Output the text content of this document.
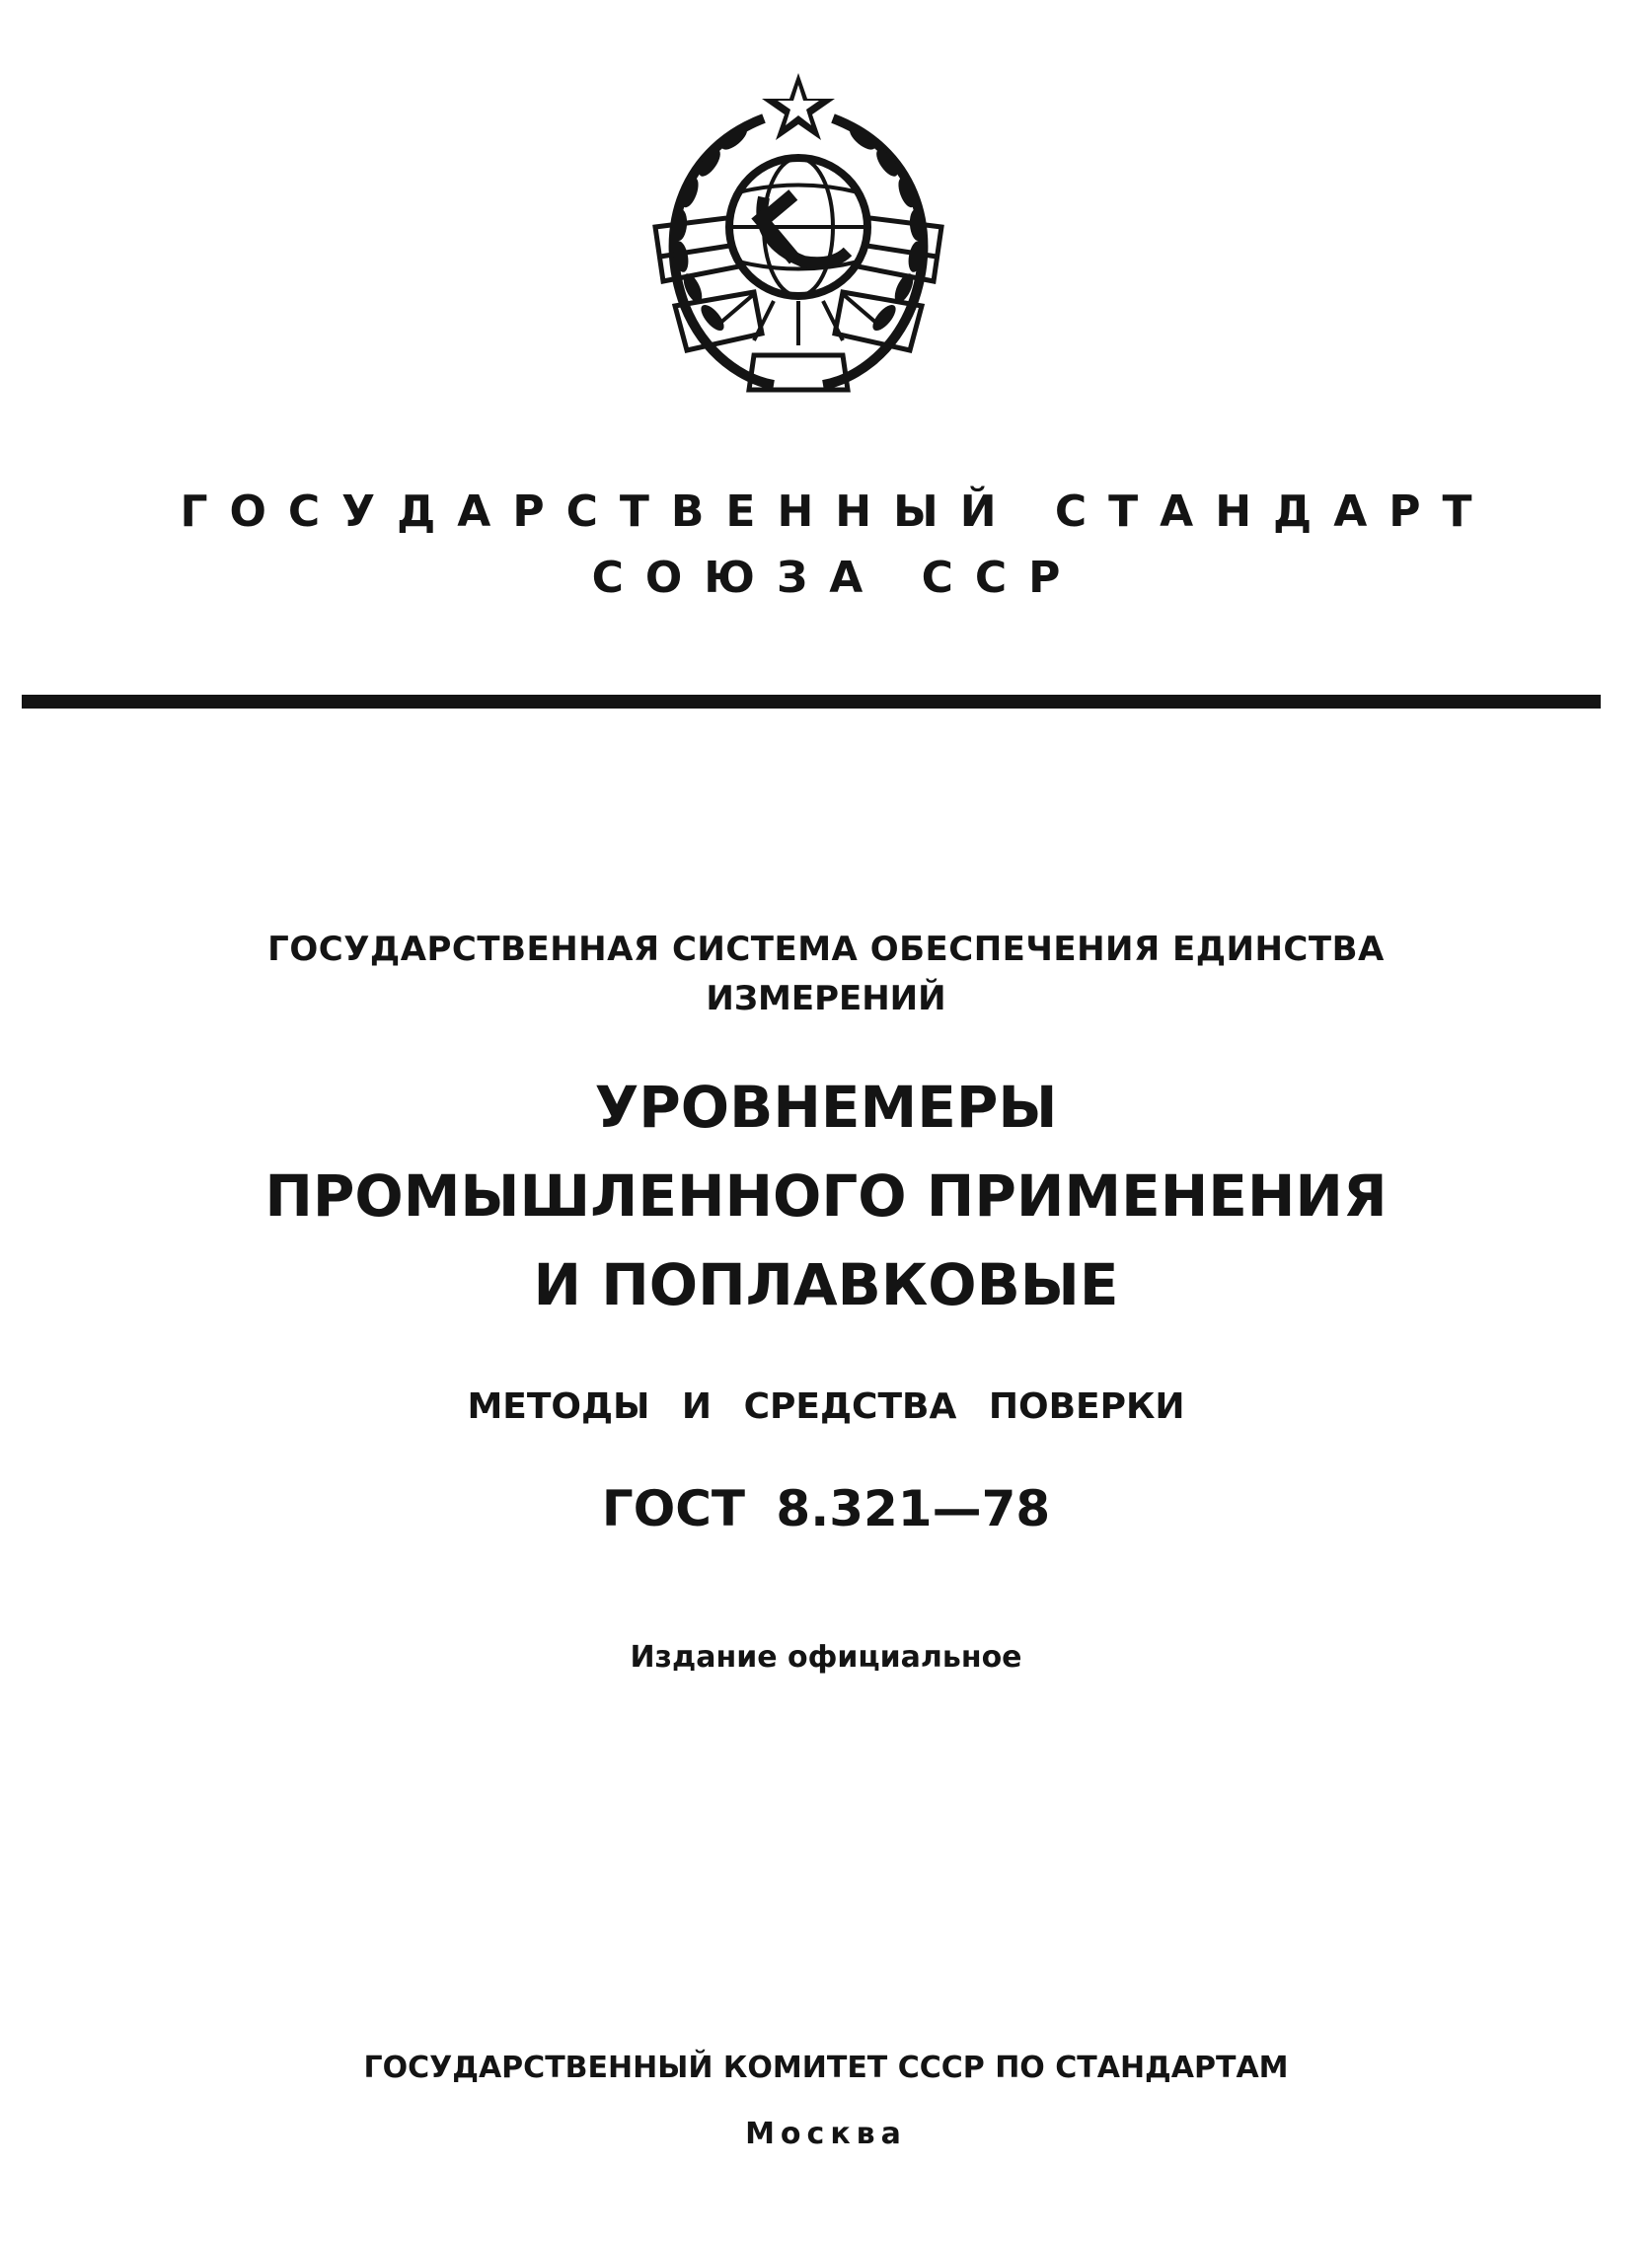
ГОСУДАРСТВЕННЫЙ СТАНДАРТ
СОЮЗА ССР
ГОСУДАРСТВЕННАЯ СИСТЕМА ОБЕСПЕЧЕНИЯ ЕДИНСТВА
ИЗМЕРЕНИЙ
УРОВНЕМЕРЫ
ПРОМЫШЛЕННОГО ПРИМЕНЕНИЯ
И ПОПЛАВКОВЫЕ
МЕТОДЫ И СРЕДСТВА ПОВЕРКИ
ГОСТ 8.321—78
Издание официальное
ГОСУДАРСТВЕННЫЙ КОМИТЕТ СССР ПО СТАНДАРТАМ
Москва
